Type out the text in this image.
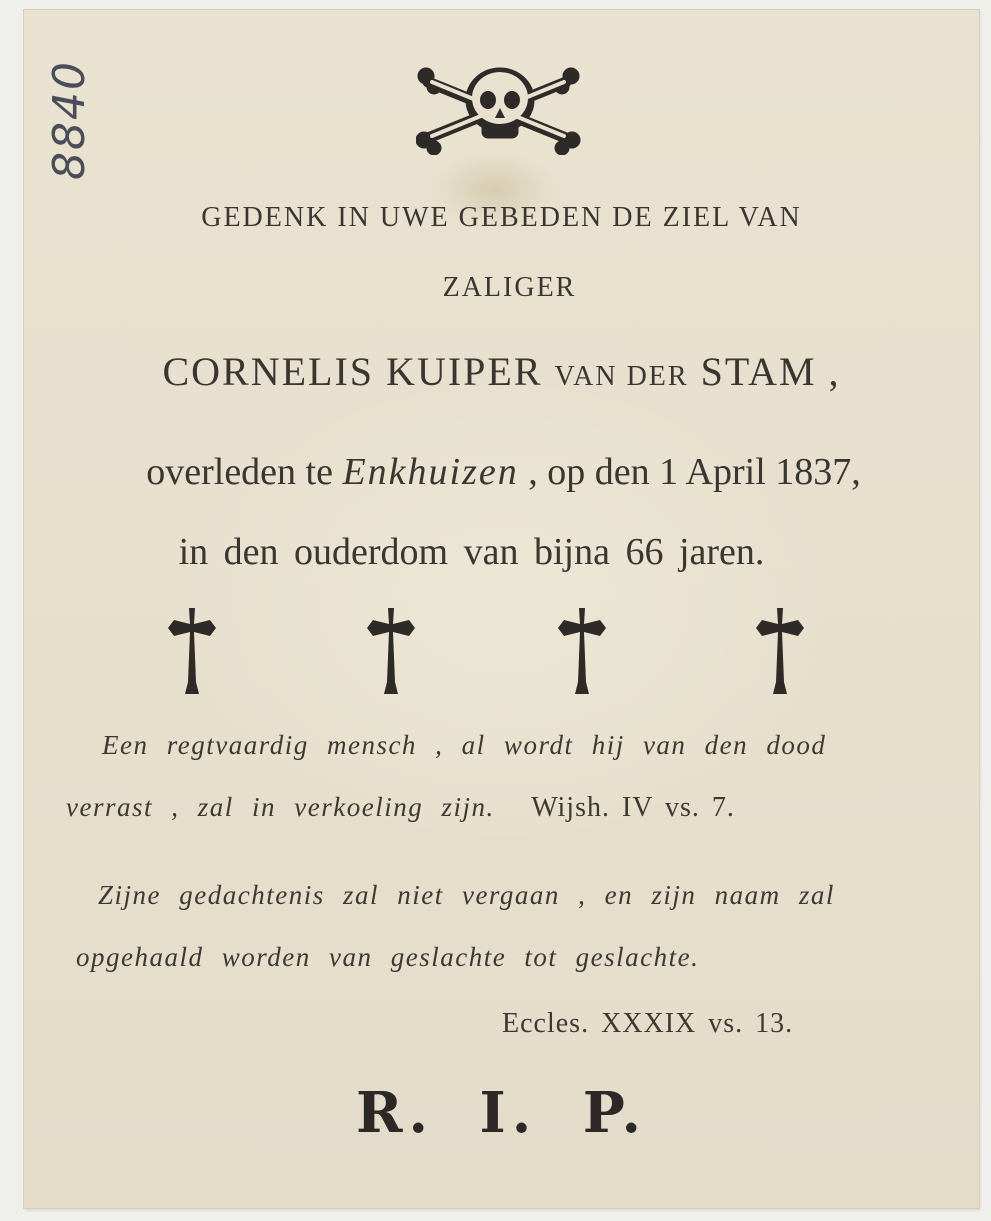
8840
GEDENK IN UWE GEBEDEN DE ZIEL VAN
ZALIGER
CORNELIS KUIPER VAN DER STAM ,
overleden te Enkhuizen , op den 1 April 1837,
in den ouderdom van bijna 66 jaren.
Een regtvaardig mensch , al wordt hij van den dood
verrast , zal in verkoeling zijn. Wijsh. IV vs. 7.
Zijne gedachtenis zal niet vergaan , en zijn naam zal
opgehaald worden van geslachte tot geslachte.
Eccles. XXXIX vs. 13.
R. I. P.
